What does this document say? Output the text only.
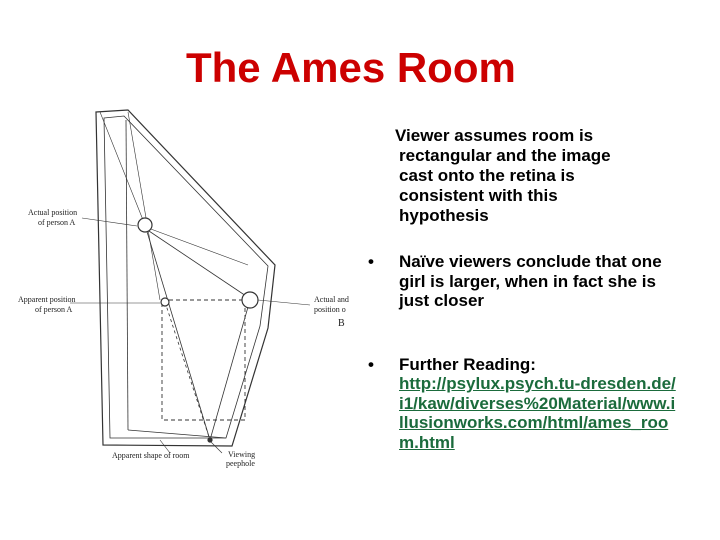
The Ames Room
Actual position
of person A
Apparent position
of person A
Actual and
position o
B
Apparent shape of room	Viewing
peephole
Viewer assumes room is
rectangular and the image
cast onto the retina is
consistent with this
hypothesis
• Naïve viewers conclude that one girl is larger, when in fact she is just closer
• Further Reading:
http://psylux.psych.tu-dresden.de/i1/kaw/diverses%20Material/www.illusionworks.com/html/ames_room.html
